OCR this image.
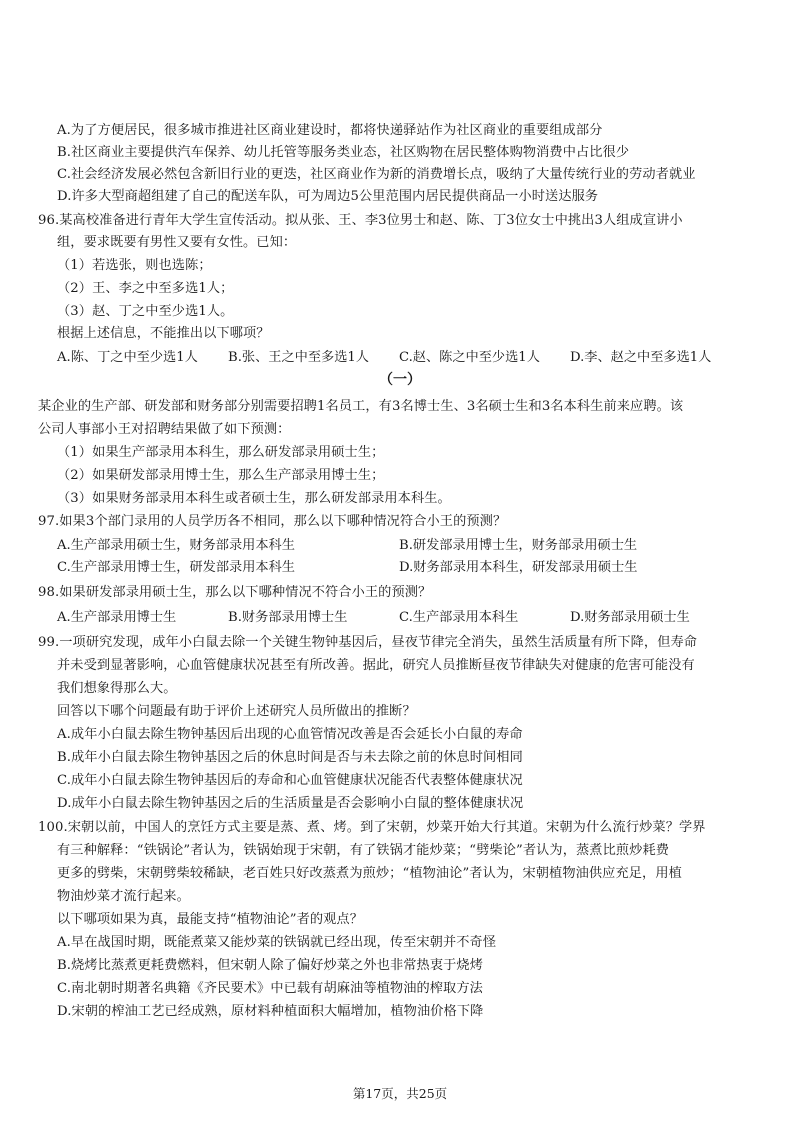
A.为了方便居民，很多城市推进社区商业建设时，都将快递驿站作为社区商业的重要组成部分
B.社区商业主要提供汽车保养、幼儿托管等服务类业态，社区购物在居民整体购物消费中占比很少
C.社会经济发展必然包含新旧行业的更迭，社区商业作为新的消费增长点，吸纳了大量传统行业的劳动者就业
D.许多大型商超组建了自己的配送车队，可为周边5公里范围内居民提供商品一小时送达服务
96.某高校准备进行青年大学生宣传活动。拟从张、王、李3位男士和赵、陈、丁3位女士中挑出3人组成宣讲小
组，要求既要有男性又要有女性。已知：
（1）若选张，则也选陈；
（2）王、李之中至多选1人；
（3）赵、丁之中至少选1人。
根据上述信息，不能推出以下哪项？
A.陈、丁之中至少选1人 B.张、王之中至多选1人 C.赵、陈之中至少选1人 D.李、赵之中至多选1人
（一）
某企业的生产部、研发部和财务部分别需要招聘1名员工，有3名博士生、3名硕士生和3名本科生前来应聘。该
公司人事部小王对招聘结果做了如下预测：
（1）如果生产部录用本科生，那么研发部录用硕士生；
（2）如果研发部录用博士生，那么生产部录用博士生；
（3）如果财务部录用本科生或者硕士生，那么研发部录用本科生。
97.如果3个部门录用的人员学历各不相同，那么以下哪种情况符合小王的预测？
A.生产部录用硕士生，财务部录用本科生	B.研发部录用博士生，财务部录用硕士生
C.生产部录用博士生，研发部录用本科生	D.财务部录用本科生，研发部录用硕士生
98.如果研发部录用硕士生，那么以下哪种情况不符合小王的预测？
A.生产部录用博士生	B.财务部录用博士生	C.生产部录用本科生	D.财务部录用硕士生
99.一项研究发现，成年小白鼠去除一个关键生物钟基因后，昼夜节律完全消失，虽然生活质量有所下降，但寿命
并未受到显著影响，心血管健康状况甚至有所改善。据此，研究人员推断昼夜节律缺失对健康的危害可能没有
我们想象得那么大。
回答以下哪个问题最有助于评价上述研究人员所做出的推断？
A.成年小白鼠去除生物钟基因后出现的心血管情况改善是否会延长小白鼠的寿命
B.成年小白鼠去除生物钟基因之后的休息时间是否与未去除之前的休息时间相同
C.成年小白鼠去除生物钟基因后的寿命和心血管健康状况能否代表整体健康状况
D.成年小白鼠去除生物钟基因之后的生活质量是否会影响小白鼠的整体健康状况
100.宋朝以前，中国人的烹饪方式主要是蒸、煮、烤。到了宋朝，炒菜开始大行其道。宋朝为什么流行炒菜？学界
有三种解释：“铁锅论”者认为，铁锅始现于宋朝，有了铁锅才能炒菜；“劈柴论”者认为，蒸煮比煎炒耗费
更多的劈柴，宋朝劈柴较稀缺，老百姓只好改蒸煮为煎炒；“植物油论”者认为，宋朝植物油供应充足，用植
物油炒菜才流行起来。
以下哪项如果为真，最能支持“植物油论”者的观点？
A.早在战国时期，既能煮菜又能炒菜的铁锅就已经出现，传至宋朝并不奇怪
B.烧烤比蒸煮更耗费燃料，但宋朝人除了偏好炒菜之外也非常热衷于烧烤
C.南北朝时期著名典籍《齐民要术》中已载有胡麻油等植物油的榨取方法
D.宋朝的榨油工艺已经成熟，原材料种植面积大幅增加，植物油价格下降
第17页，共25页
